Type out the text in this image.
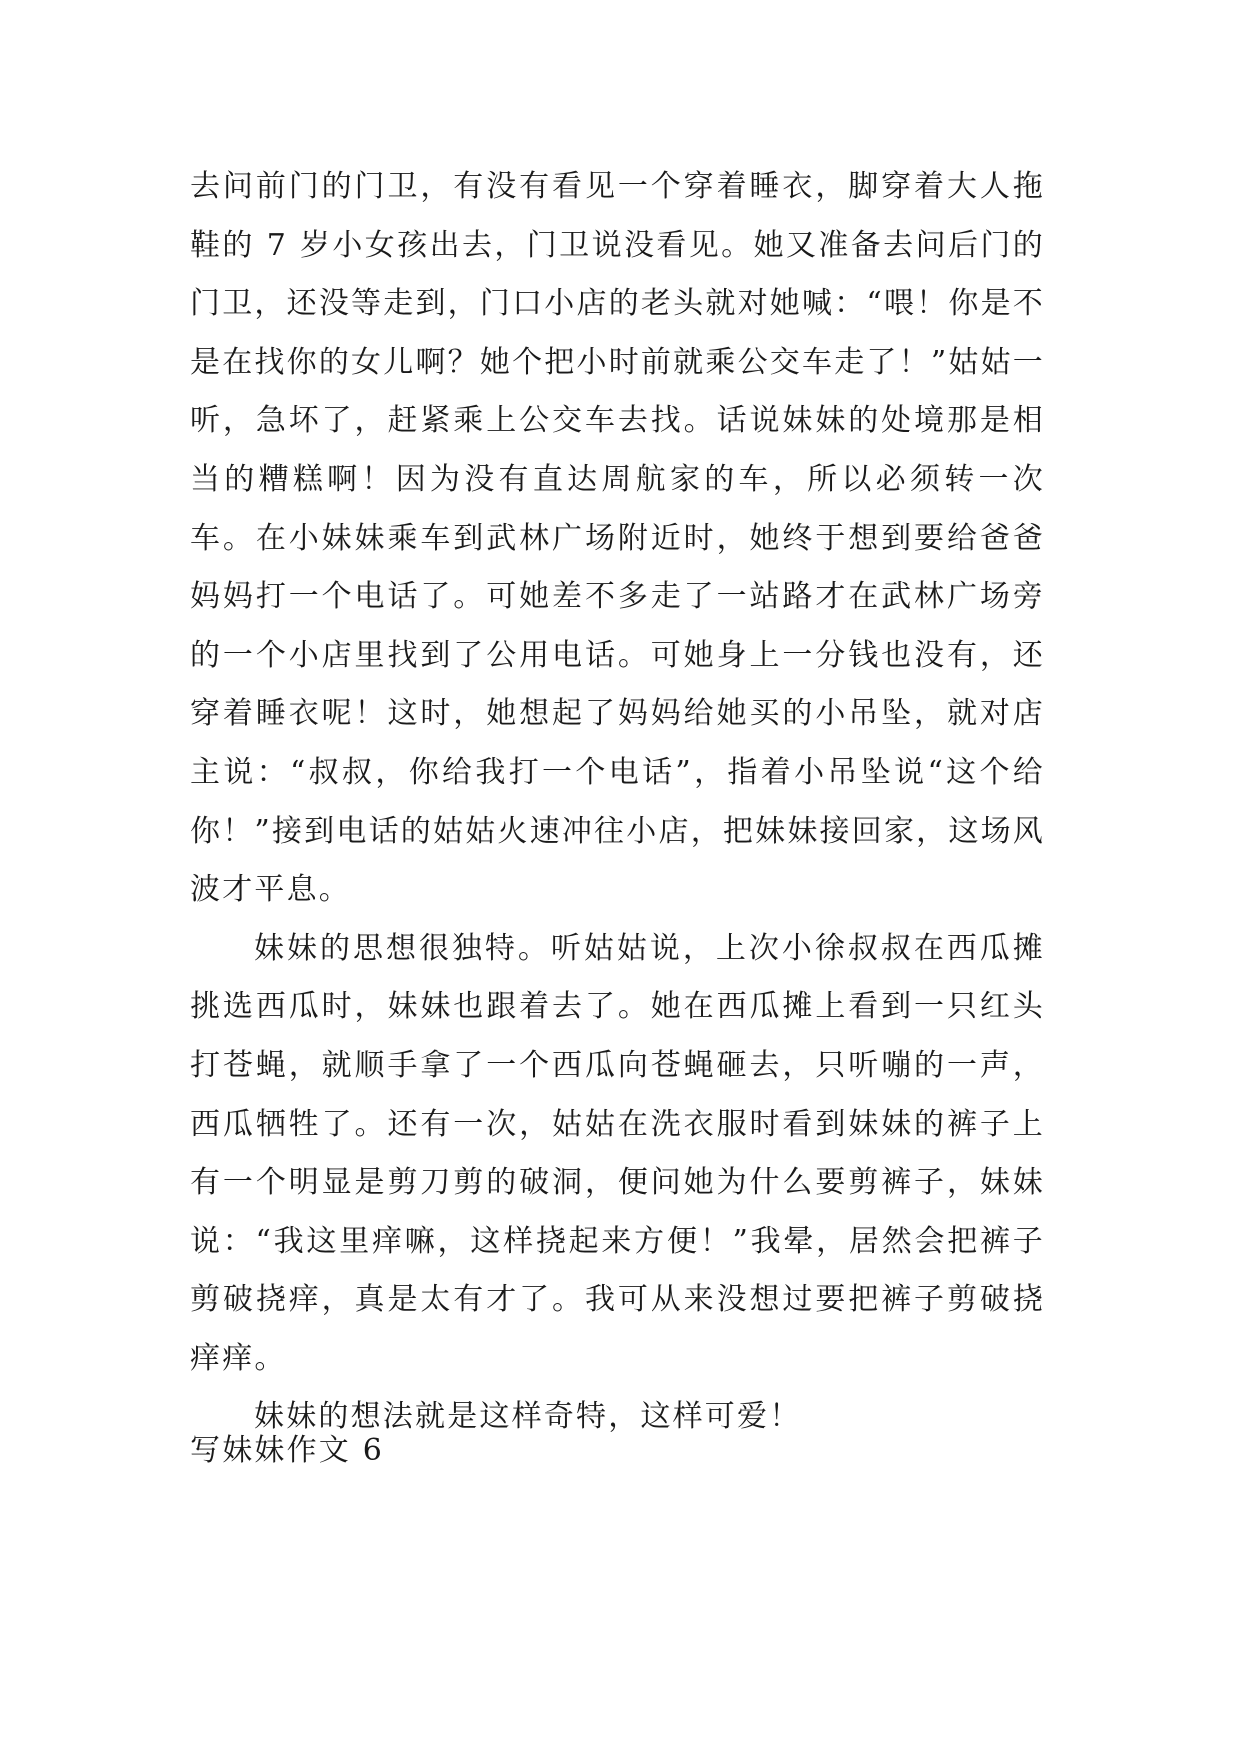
去问前门的门卫，有没有看见一个穿着睡衣，脚穿着大人拖鞋的 7 岁小女孩出去，门卫说没看见。她又准备去问后门的门卫，还没等走到，门口小店的老头就对她喊：“喂！你是不是在找你的女儿啊？她个把小时前就乘公交车走了！”姑姑一听，急坏了，赶紧乘上公交车去找。话说妹妹的处境那是相当的糟糕啊！因为没有直达周航家的车，所以必须转一次车。在小妹妹乘车到武林广场附近时，她终于想到要给爸爸妈妈打一个电话了。可她差不多走了一站路才在武林广场旁的一个小店里找到了公用电话。可她身上一分钱也没有，还穿着睡衣呢！这时，她想起了妈妈给她买的小吊坠，就对店主说：“叔叔，你给我打一个电话”，指着小吊坠说“这个给你！”接到电话的姑姑火速冲往小店，把妹妹接回家，这场风波才平息。

妹妹的思想很独特。听姑姑说，上次小徐叔叔在西瓜摊挑选西瓜时，妹妹也跟着去了。她在西瓜摊上看到一只红头打苍蝇，就顺手拿了一个西瓜向苍蝇砸去，只听嘣的一声，西瓜牺牲了。还有一次，姑姑在洗衣服时看到妹妹的裤子上有一个明显是剪刀剪的破洞，便问她为什么要剪裤子，妹妹说：“我这里痒嘛，这样挠起来方便！”我晕，居然会把裤子剪破挠痒，真是太有才了。我可从来没想过要把裤子剪破挠痒痒。

妹妹的想法就是这样奇特，这样可爱！

写妹妹作文 6
